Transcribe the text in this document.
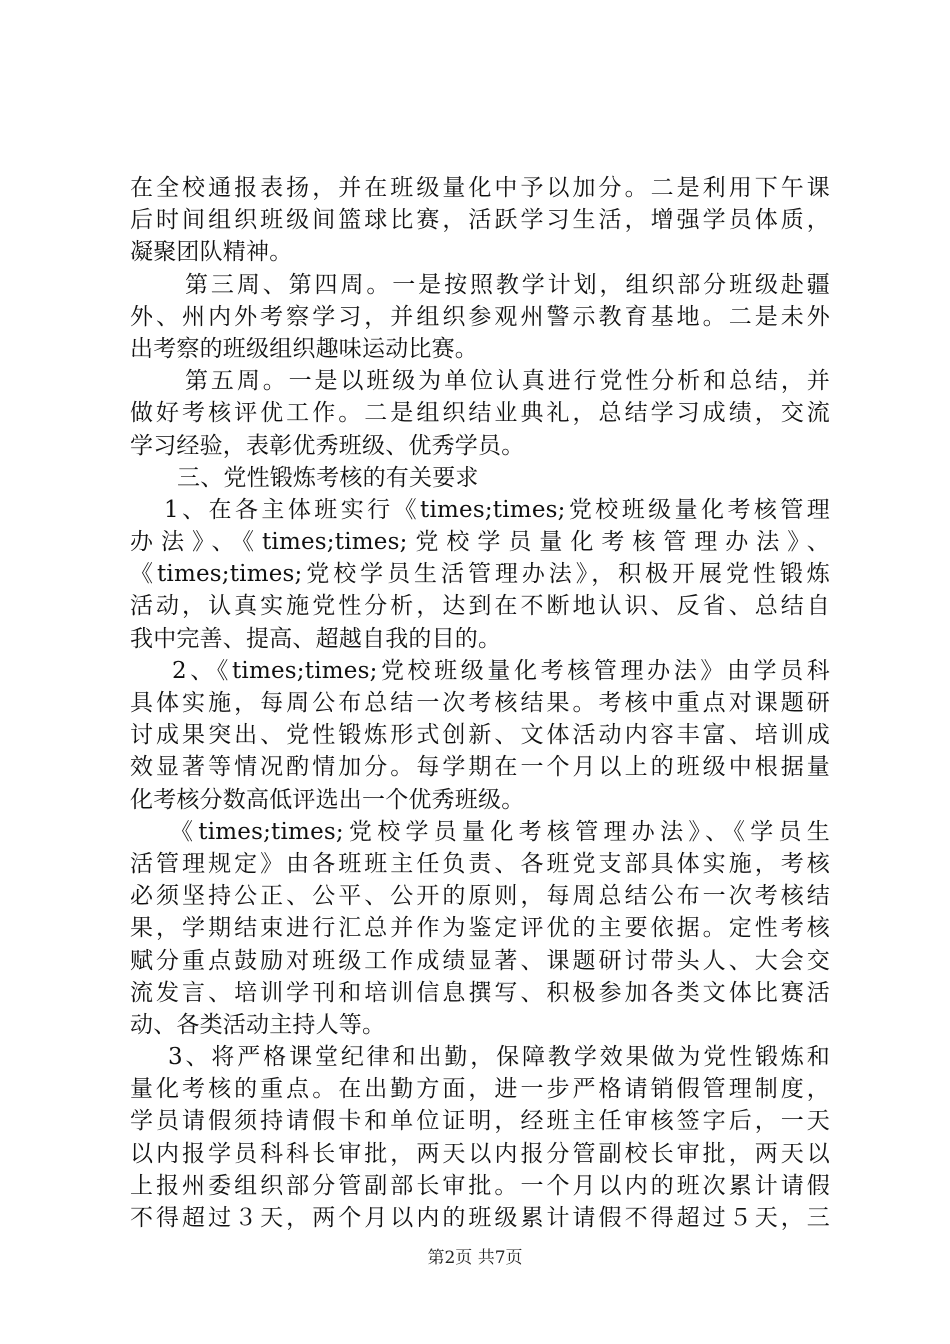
在全校通报表扬，并在班级量化中予以加分。二是利用下午课
后时间组织班级间篮球比赛，活跃学习生活，增强学员体质，
凝聚团队精神。
第三周、第四周。一是按照教学计划，组织部分班级赴疆
外、州内外考察学习，并组织参观州警示教育基地。二是未外
出考察的班级组织趣味运动比赛。
第五周。一是以班级为单位认真进行党性分析和总结，并
做好考核评优工作。二是组织结业典礼，总结学习成绩，交流
学习经验，表彰优秀班级、优秀学员。
三、党性锻炼考核的有关要求
1、在各主体班实行《times;times;党校班级量化考核管理
办法》、《times;times;党校学员量化考核管理办法》、
《times;times;党校学员生活管理办法》，积极开展党性锻炼
活动，认真实施党性分析，达到在不断地认识、反省、总结自
我中完善、提高、超越自我的目的。
2、《times;times;党校班级量化考核管理办法》由学员科
具体实施，每周公布总结一次考核结果。考核中重点对课题研
讨成果突出、党性锻炼形式创新、文体活动内容丰富、培训成
效显著等情况酌情加分。每学期在一个月以上的班级中根据量
化考核分数高低评选出一个优秀班级。
《times;times;党校学员量化考核管理办法》、《学员生
活管理规定》由各班班主任负责、各班党支部具体实施，考核
必须坚持公正、公平、公开的原则，每周总结公布一次考核结
果，学期结束进行汇总并作为鉴定评优的主要依据。定性考核
赋分重点鼓励对班级工作成绩显著、课题研讨带头人、大会交
流发言、培训学刊和培训信息撰写、积极参加各类文体比赛活
动、各类活动主持人等。
3、将严格课堂纪律和出勤，保障教学效果做为党性锻炼和
量化考核的重点。在出勤方面，进一步严格请销假管理制度，
学员请假须持请假卡和单位证明，经班主任审核签字后，一天
以内报学员科科长审批，两天以内报分管副校长审批，两天以
上报州委组织部分管副部长审批。一个月以内的班次累计请假
不得超过３天，两个月以内的班级累计请假不得超过５天，三
第2页 共7页
